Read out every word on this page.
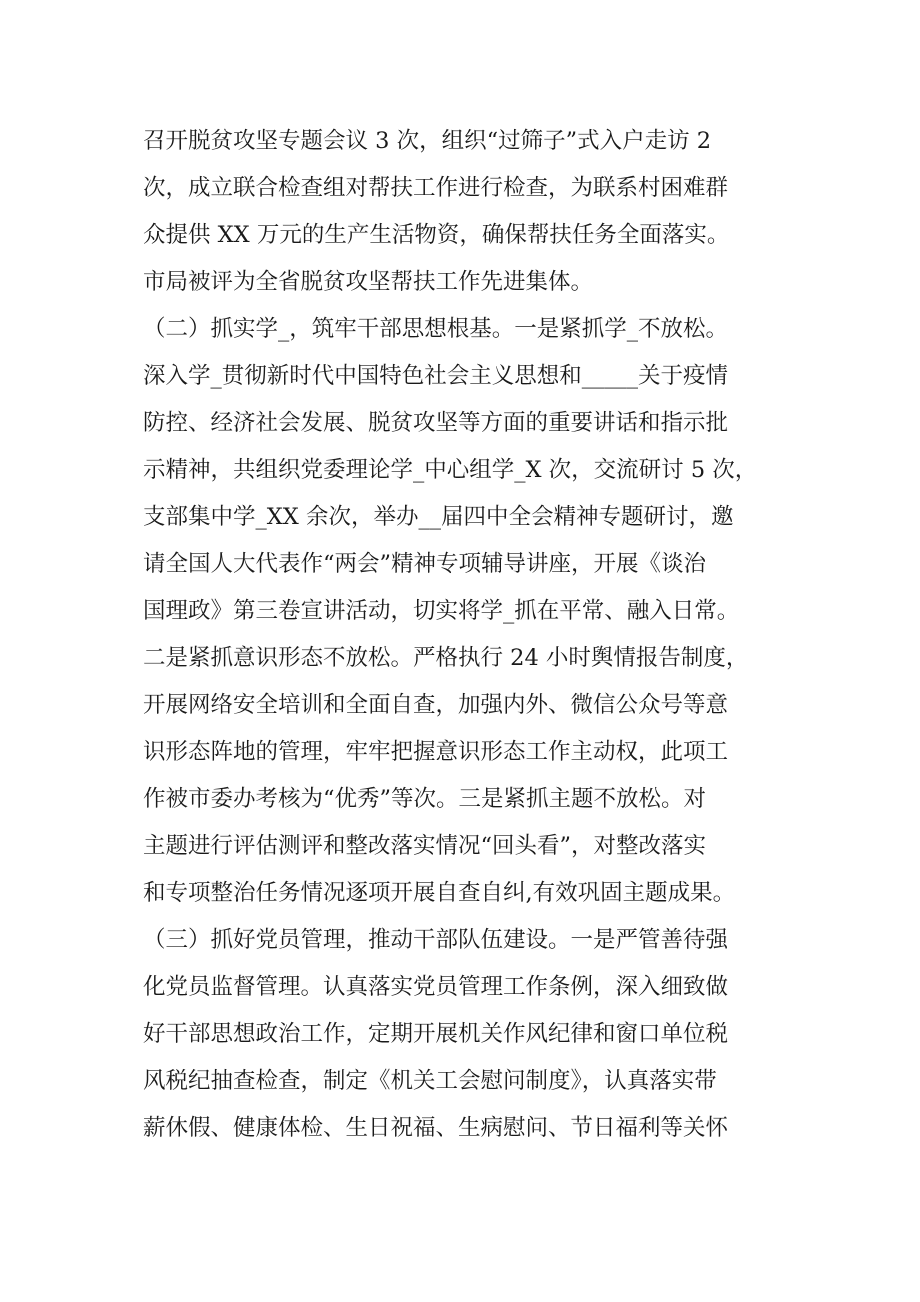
召开脱贫攻坚专题会议 3 次，组织“过筛子”式入户走访 2
次，成立联合检查组对帮扶工作进行检查，为联系村困难群
众提供 XX 万元的生产生活物资，确保帮扶任务全面落实。
市局被评为全省脱贫攻坚帮扶工作先进集体。
（二）抓实学_，筑牢干部思想根基。一是紧抓学_不放松。
深入学_贯彻新时代中国特色社会主义思想和_____关于疫情
防控、经济社会发展、脱贫攻坚等方面的重要讲话和指示批
示精神，共组织党委理论学_中心组学_X 次，交流研讨 5 次，
支部集中学_XX 余次，举办__届四中全会精神专题研讨，邀
请全国人大代表作“两会”精神专项辅导讲座，开展《谈治
国理政》第三卷宣讲活动，切实将学_抓在平常、融入日常。
二是紧抓意识形态不放松。严格执行 24 小时舆情报告制度，
开展网络安全培训和全面自查，加强内外、微信公众号等意
识形态阵地的管理，牢牢把握意识形态工作主动权，此项工
作被市委办考核为“优秀”等次。三是紧抓主题不放松。对
主题进行评估测评和整改落实情况“回头看”，对整改落实
和专项整治任务情况逐项开展自查自纠,有效巩固主题成果。
（三）抓好党员管理，推动干部队伍建设。一是严管善待强
化党员监督管理。认真落实党员管理工作条例，深入细致做
好干部思想政治工作，定期开展机关作风纪律和窗口单位税
风税纪抽查检查，制定《机关工会慰问制度》，认真落实带
薪休假、健康体检、生日祝福、生病慰问、节日福利等关怀
